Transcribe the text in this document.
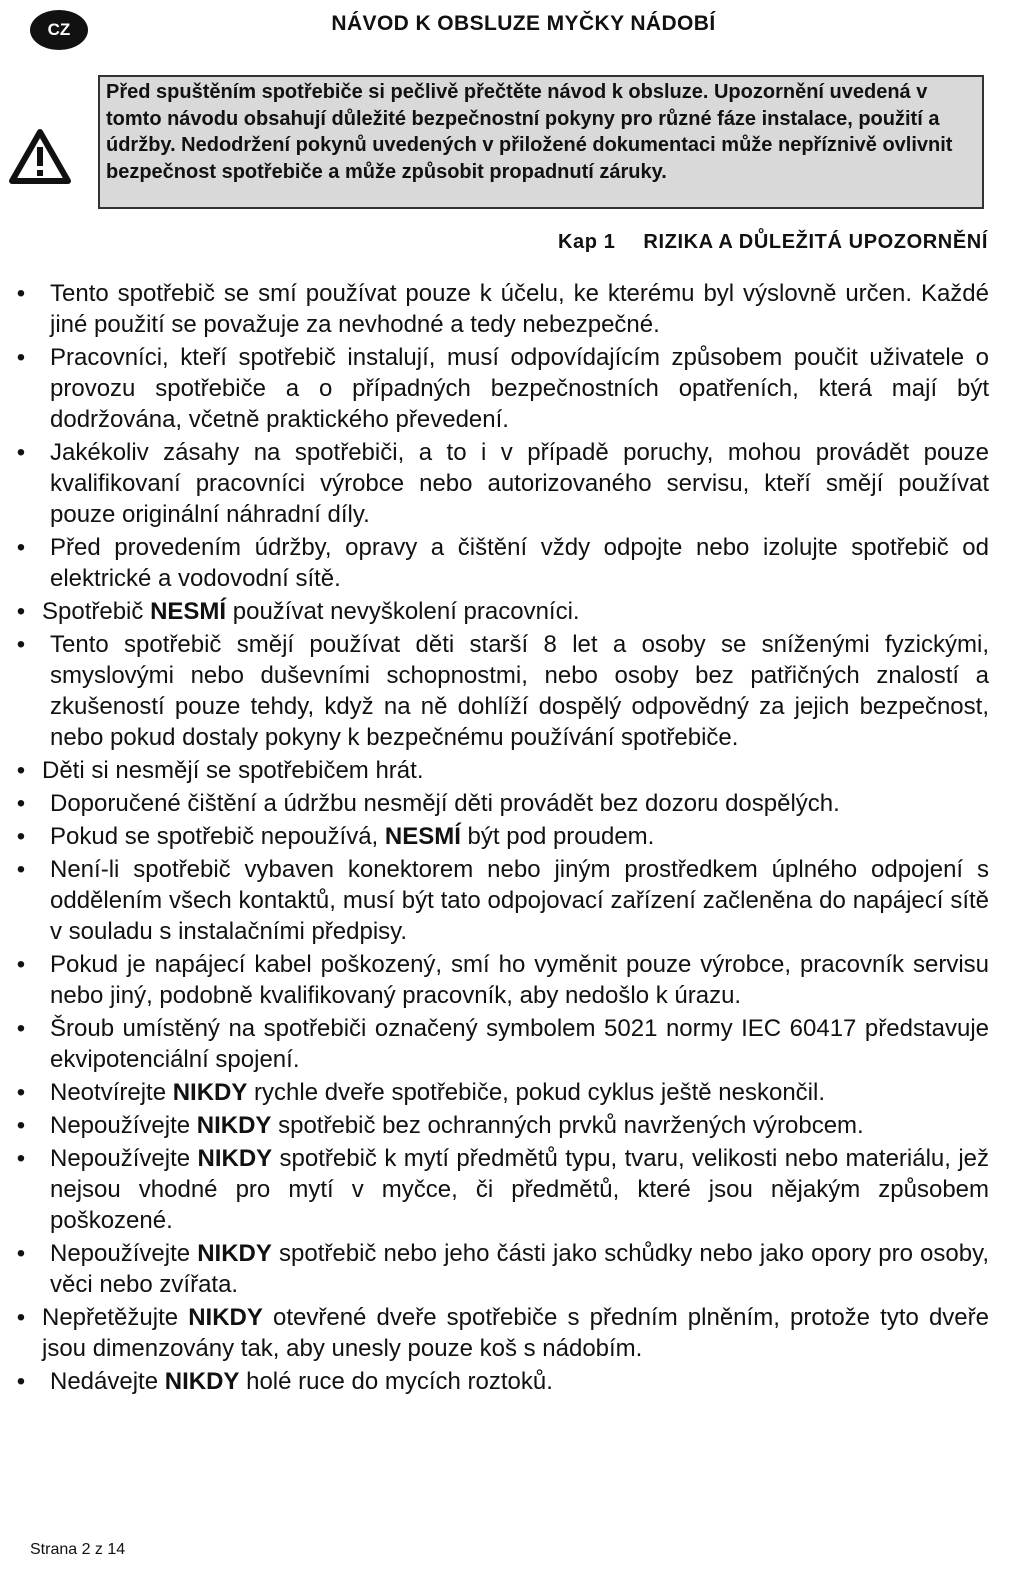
CZ	NÁVOD K OBSLUZE MYČKY NÁDOBÍ
Před spuštěním spotřebiče si pečlivě přečtěte návod k obsluze. Upozornění uvedená v tomto návodu obsahují důležité bezpečnostní pokyny pro různé fáze instalace, použití a údržby. Nedodržení pokynů uvedených v přiložené dokumentaci může nepříznivě ovlivnit bezpečnost spotřebiče a může způsobit propadnutí záruky.
Kap 1 RIZIKA A DŮLEŽITÁ UPOZORNĚNÍ
• Tento spotřebič se smí používat pouze k účelu, ke kterému byl výslovně určen. Každé jiné použití se považuje za nevhodné a tedy nebezpečné.
• Pracovníci, kteří spotřebič instalují, musí odpovídajícím způsobem poučit uživatele o provozu spotřebiče a o případných bezpečnostních opatřeních, která mají být dodržována, včetně praktického převedení.
• Jakékoliv zásahy na spotřebiči, a to i v případě poruchy, mohou provádět pouze kvalifikovaní pracovníci výrobce nebo autorizovaného servisu, kteří smějí používat pouze originální náhradní díly.
• Před provedením údržby, opravy a čištění vždy odpojte nebo izolujte spotřebič od elektrické a vodovodní sítě.
• Spotřebič NESMÍ používat nevyškolení pracovníci.
• Tento spotřebič smějí používat děti starší 8 let a osoby se sníženými fyzickými, smyslovými nebo duševními schopnostmi, nebo osoby bez patřičných znalostí a zkušeností pouze tehdy, když na ně dohlíží dospělý odpovědný za jejich bezpečnost, nebo pokud dostaly pokyny k bezpečnému používání spotřebiče.
• Děti si nesmějí se spotřebičem hrát.
• Doporučené čištění a údržbu nesmějí děti provádět bez dozoru dospělých.
• Pokud se spotřebič nepoužívá, NESMÍ být pod proudem.
• Není-li spotřebič vybaven konektorem nebo jiným prostředkem úplného odpojení s oddělením všech kontaktů, musí být tato odpojovací zařízení začleněna do napájecí sítě v souladu s instalačními předpisy.
• Pokud je napájecí kabel poškozený, smí ho vyměnit pouze výrobce, pracovník servisu nebo jiný, podobně kvalifikovaný pracovník, aby nedošlo k úrazu.
• Šroub umístěný na spotřebiči označený symbolem 5021 normy IEC 60417 představuje ekvipotenciální spojení.
• Neotvírejte NIKDY rychle dveře spotřebiče, pokud cyklus ještě neskončil.
• Nepoužívejte NIKDY spotřebič bez ochranných prvků navržených výrobcem.
• Nepoužívejte NIKDY spotřebič k mytí předmětů typu, tvaru, velikosti nebo materiálu, jež nejsou vhodné pro mytí v myčce, či předmětů, které jsou nějakým způsobem poškozené.
• Nepoužívejte NIKDY spotřebič nebo jeho části jako schůdky nebo jako opory pro osoby, věci nebo zvířata.
• Nepřetěžujte NIKDY otevřené dveře spotřebiče s předním plněním, protože tyto dveře jsou dimenzovány tak, aby unesly pouze koš s nádobím.
• Nedávejte NIKDY holé ruce do mycích roztoků.
Strana 2 z 14
